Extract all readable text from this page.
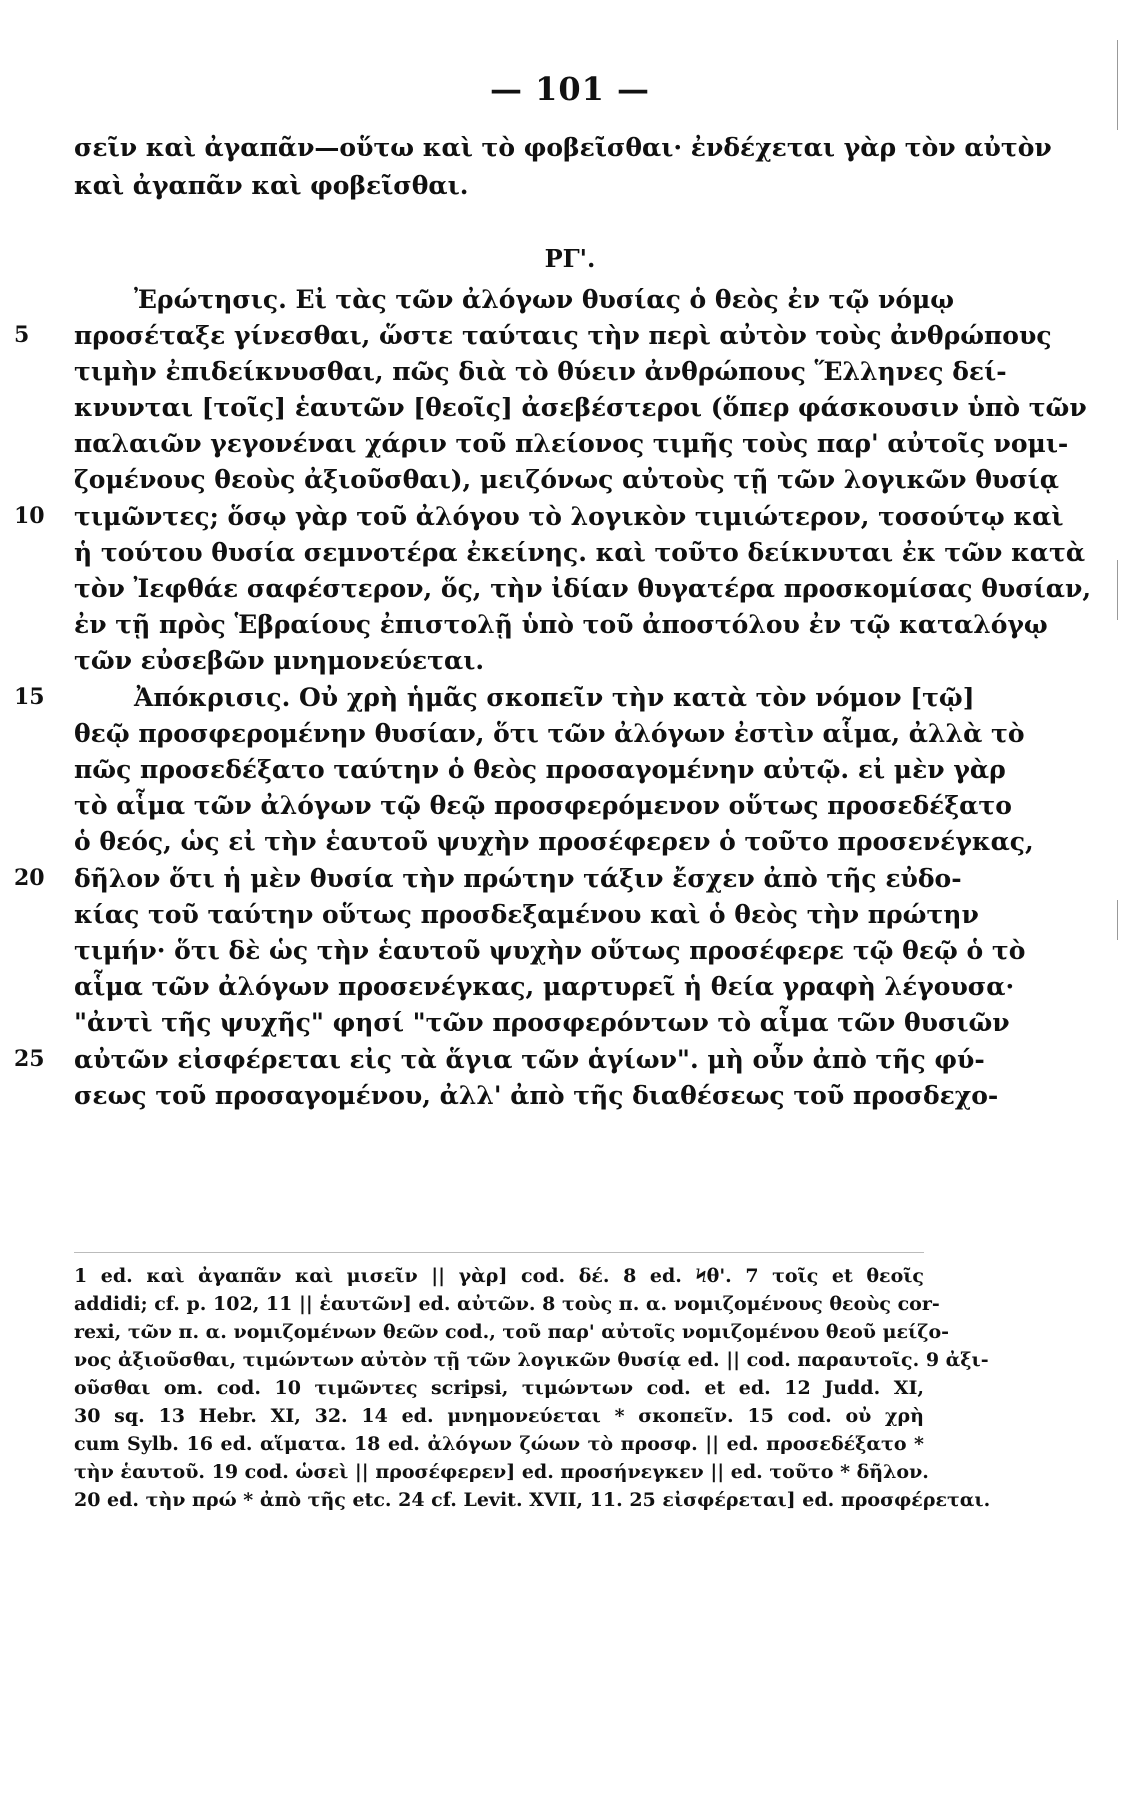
— 101 —
σεῖν καὶ ἀγαπᾶν—οὕτω καὶ τὸ φοβεῖσθαι· ἐνδέχεται γὰρ τὸν αὐτὸν
καὶ ἀγαπᾶν καὶ φοβεῖσθαι.
PΓ'.
Ἐρώτησις. Εἰ τὰς τῶν ἀλόγων θυσίας ὁ θεὸς ἐν τῷ νόμῳ
5 προσέταξε γίνεσθαι, ὥστε ταύταις τὴν περὶ αὐτὸν τοὺς ἀνθρώπους
τιμὴν ἐπιδείκνυσθαι, πῶς διὰ τὸ θύειν ἀνθρώπους Ἕλληνες δεί-
κνυνται [τοῖς] ἑαυτῶν [θεοῖς] ἀσεβέστεροι (ὅπερ φάσκουσιν ὑπὸ τῶν
παλαιῶν γεγονέναι χάριν τοῦ πλείονος τιμῆς τοὺς παρ' αὐτοῖς νομι-
ζομένους θεοὺς ἀξιοῦσθαι), μειζόνως αὐτοὺς τῇ τῶν λογικῶν θυσίᾳ
10 τιμῶντες; ὅσῳ γὰρ τοῦ ἀλόγου τὸ λογικὸν τιμιώτερον, τοσούτῳ καὶ
ἡ τούτου θυσία σεμνοτέρα ἐκείνης. καὶ τοῦτο δείκνυται ἐκ τῶν κατὰ
τὸν Ἰεφθάε σαφέστερον, ὅς, τὴν ἰδίαν θυγατέρα προσκομίσας θυσίαν,
ἐν τῇ πρὸς Ἑβραίους ἐπιστολῇ ὑπὸ τοῦ ἀποστόλου ἐν τῷ καταλόγῳ
τῶν εὐσεβῶν μνημονεύεται.
15	Ἀπόκρισις. Οὐ χρὴ ἡμᾶς σκοπεῖν τὴν κατὰ τὸν νόμον [τῷ]
θεῷ προσφερομένην θυσίαν, ὅτι τῶν ἀλόγων ἐστὶν αἷμα, ἀλλὰ τὸ
πῶς προσεδέξατο ταύτην ὁ θεὸς προσαγομένην αὐτῷ. εἰ μὲν γὰρ
τὸ αἷμα τῶν ἀλόγων τῷ θεῷ προσφερόμενον οὕτως προσεδέξατο
ὁ θεός, ὡς εἰ τὴν ἑαυτοῦ ψυχὴν προσέφερεν ὁ τοῦτο προσενέγκας,
20 δῆλον ὅτι ἡ μὲν θυσία τὴν πρώτην τάξιν ἔσχεν ἀπὸ τῆς εὐδο-
κίας τοῦ ταύτην οὕτως προσδεξαμένου καὶ ὁ θεὸς τὴν πρώτην
τιμήν· ὅτι δὲ ὡς τὴν ἑαυτοῦ ψυχὴν οὕτως προσέφερε τῷ θεῷ ὁ τὸ
αἷμα τῶν ἀλόγων προσενέγκας, μαρτυρεῖ ἡ θεία γραφὴ λέγουσα·
"ἀντὶ τῆς ψυχῆς" φησί "τῶν προσφερόντων τὸ αἷμα τῶν θυσιῶν
25 αὐτῶν εἰσφέρεται εἰς τὰ ἅγια τῶν ἁγίων". μὴ οὖν ἀπὸ τῆς φύ-
σεως τοῦ προσαγομένου, ἀλλ' ἀπὸ τῆς διαθέσεως τοῦ προσδεχο-
1 ed. καὶ ἀγαπᾶν καὶ μισεῖν || γὰρ] cod. δέ. 8 ed. Ϟθ'. 7 τοῖς et θεοῖς
addidi; cf. p. 102, 11 || ἑαυτῶν] ed. αὐτῶν. 8 τοὺς π. α. νομιζομένους θεοὺς cor-
rexi, τῶν π. α. νομιζομένων θεῶν cod., τοῦ παρ' αὐτοῖς νομιζομένου θεοῦ μείζο-
νος ἀξιοῦσθαι, τιμώντων αὐτὸν τῇ τῶν λογικῶν θυσίᾳ ed. || cod. παραυτοῖς. 9 ἀξι-
οῦσθαι om. cod. 10 τιμῶντες scripsi, τιμώντων cod. et ed. 12 Judd. XI,
30 sq. 13 Hebr. XI, 32. 14 ed. μνημονεύεται * σκοπεῖν. 15 cod. οὐ χρὴ
cum Sylb. 16 ed. αἵματα. 18 ed. ἀλόγων ζώων τὸ προσφ. || ed. προσεδέξατο *
τὴν ἑαυτοῦ. 19 cod. ὡσεὶ || προσέφερεν] ed. προσήνεγκεν || ed. τοῦτο * δῆλον.
20 ed. τὴν πρώ * ἀπὸ τῆς etc. 24 cf. Levit. XVII, 11. 25 εἰσφέρεται] ed. προσφέρεται.
